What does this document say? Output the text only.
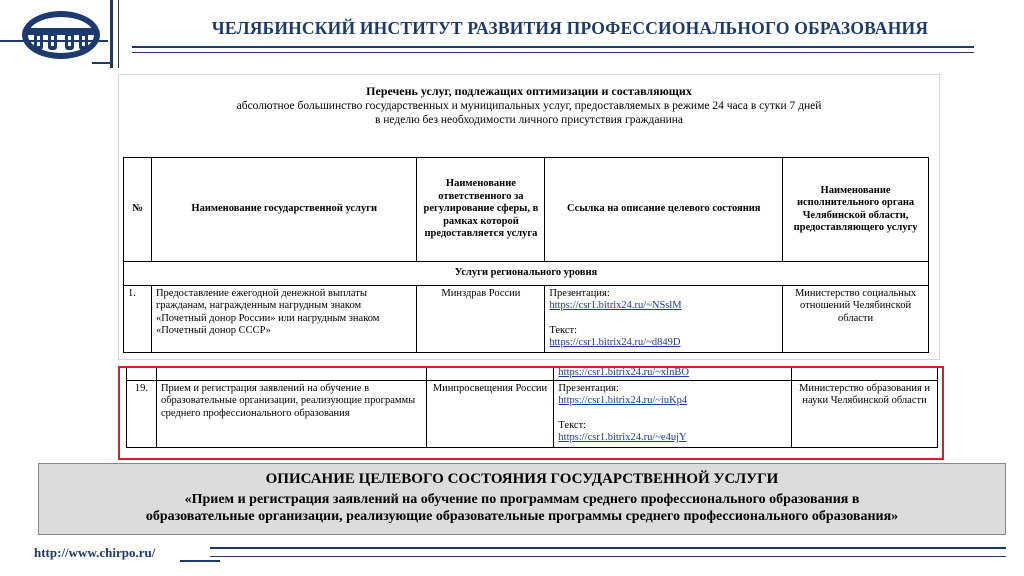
ЧЕЛЯБИНСКИЙ ИНСТИТУТ РАЗВИТИЯ ПРОФЕССИОНАЛЬНОГО ОБРАЗОВАНИЯ
Перечень услуг, подлежащих оптимизации и составляющих
абсолютное большинство государственных и муниципальных услуг, предоставляемых в режиме 24 часа в сутки 7 дней
в неделю без необходимости личного присутствия гражданина
№	Наименование государственной услуги	Наименование ответственного за регулирование сферы, в рамках которой предоставляется услуга	Ссылка на описание целевого состояния	Наименование исполнительного органа Челябинской области, предоставляющего услугу
Услуги регионального уровня				
1.	Предоставление ежегодной денежной выплаты гражданам, награжденным нагрудным знаком «Почетный донор России» или нагрудным знаком «Почетный донор СССР»	Минздрав России	Презентация:
https://csr1.bitrix24.ru/~NSslM
Текст:
https://csr1.bitrix24.ru/~d849D	Министерство социальных отношений Челябинской области
			https://csr1.bitrix24.ru/~xlnBO	
19.	Прием и регистрация заявлений на обучение в образовательные организации, реализующие программы среднего профессионального образования	Минпросвещения России	Презентация:
https://csr1.bitrix24.ru/~iuKp4
Текст:
https://csr1.bitrix24.ru/~e4ujY	Министерство образования и науки Челябинской области
ОПИСАНИЕ ЦЕЛЕВОГО СОСТОЯНИЯ ГОСУДАРСТВЕННОЙ УСЛУГИ
«Прием и регистрация заявлений на обучение по программам среднего профессионального образования в
образовательные организации, реализующие образовательные программы среднего профессионального образования»
http://www.chirpo.ru/
